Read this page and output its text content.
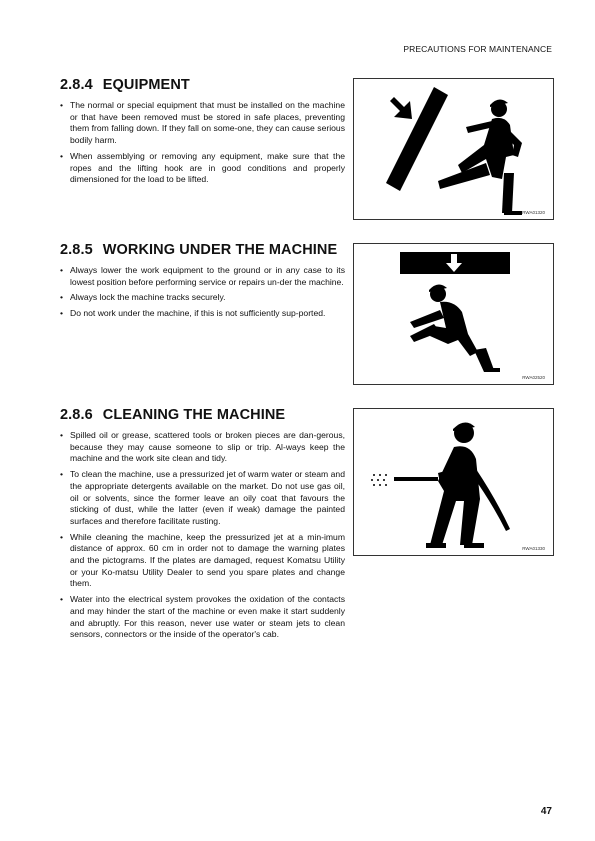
PRECAUTIONS FOR MAINTENANCE
2.8.4 EQUIPMENT
• The normal or special equipment that must be installed on the machine or that have been removed must be stored in safe places, preventing them from falling down. If they fall on some-one, they can cause serious bodily harm.
• When assemblying or removing any equipment, make sure that the ropes and the lifting hook are in good conditions and properly dimensioned for the load to be lifted.
RWA01320
2.8.5 WORKING UNDER THE MACHINE
• Always lower the work equipment to the ground or in any case to its lowest position before performing service or repairs un-der the machine.
• Always lock the machine tracks securely.
• Do not work under the machine, if this is not sufficiently sup-ported.
RWA02520
2.8.6 CLEANING THE MACHINE
• Spilled oil or grease, scattered tools or broken pieces are dan-gerous, because they may cause someone to slip or trip. Al-ways keep the machine and the work site clean and tidy.
• To clean the machine, use a pressurized jet of warm water or steam and the appropriate detergents available on the market. Do not use gas oil, oil or solvents, since the former leave an oily coat that favours the sticking of dust, while the latter (even if weak) damage the painted surfaces and therefore facilitate rusting.
• While cleaning the machine, keep the pressurized jet at a min-imum distance of approx. 60 cm in order not to damage the warning plates and the pictograms. If the plates are damaged, request Komatsu Utility or your Ko-matsu Utility Dealer to send you spare plates and change them.
• Water into the electrical system provokes the oxidation of the contacts and may hinder the start of the machine or even make it start suddenly and abruptly. For this reason, never use water or steam jets to clean sensors, connectors or the inside of the operator's cab.
RWA01330
47
